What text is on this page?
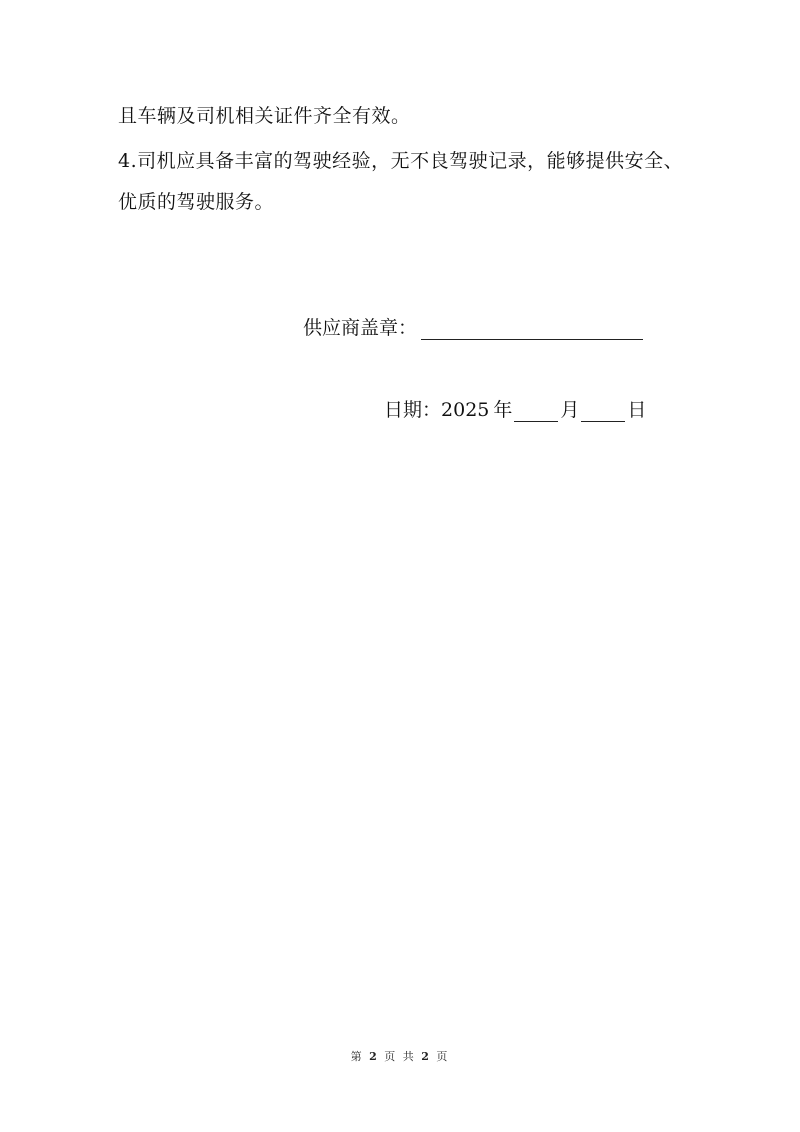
且车辆及司机相关证件齐全有效。
4.司机应具备丰富的驾驶经验，无不良驾驶记录，能够提供安全、
优质的驾驶服务。
供应商盖章：
日期： 2025 年	月	日
第 2 页 共 2 页
